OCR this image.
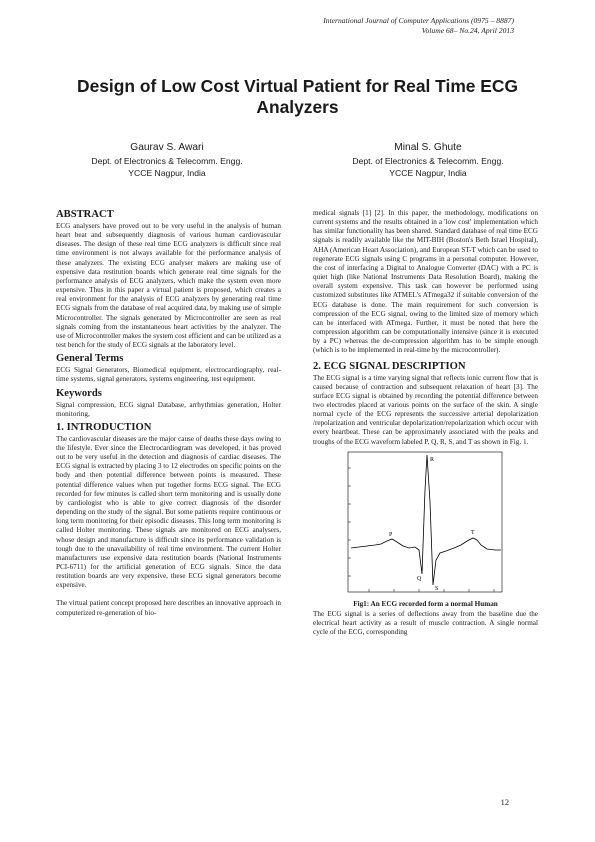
International Journal of Computer Applications (0975 – 8887)
Volume 68– No.24, April 2013
Design of Low Cost Virtual Patient for Real Time ECG Analyzers
Gaurav S. Awari
Dept. of Electronics & Telecomm. Engg.
YCCE Nagpur, India
Minal S. Ghute
Dept. of Electronics & Telecomm. Engg.
YCCE Nagpur, India
ABSTRACT

ECG analysers have proved out to be very useful in the analysis of human heart beat and subsequently diagnosis of various human cardiovascular diseases. The design of these real time ECG analyzers is difficult since real time environment is not always available for the performance analysis of these analyzers. The existing ECG analyser makers are making use of expensive data restitution boards which generate real time signals for the performance analysis of ECG analyzers, which make the system even more expensive. Thus in this paper a virtual patient is proposed, which creates a real environment for the analysis of ECG analyzers by generating real time ECG signals from the database of real acquired data, by making use of simple Microcontroller. The signals generated by Microcontroller are seen as real signals coming from the instantaneous heart activities by the analyzer. The use of Microcontroller makes the system cost efficient and can be utilized as a test bench for the study of ECG signals at the laboratory level.

General Terms

ECG Signal Generators, Biomedical equipment, electrocardiography, real-time systems, signal generators, systems engineering, test equipment.

Keywords

Signal compression, ECG signal Database, arrhythmias generation, Holter monitoring,

1. INTRODUCTION

The cardiovascular diseases are the major cause of deaths these days owing to the lifestyle. Ever since the Electrocardiogram was developed, it has proved out to be very useful in the detection and diagnosis of cardiac diseases. The ECG signal is extracted by placing 3 to 12 electrodes on specific points on the body and then potential difference between points is measured. These potential difference values when put together forms ECG signal. The ECG recorded for few minutes is called short term monitoring and is usually done by cardiologist who is able to give correct diagnosis of the disorder depending on the study of the signal. But some patients require continuous or long term monitoring for their episodic diseases. This long term monitoring is called Holter monitoring. These signals are monitored on ECG analysers, whose design and manufacture is difficult since its performance validation is tough due to the unavailability of real time environment. The current Holter manufacturers use expensive data restitution boards (National Instruments PCI-6711) for the artificial generation of ECG signals. Since the data restitution boards are very expensive, these ECG signal generators become expensive.

The virtual patient concept proposed here describes an innovative approach in computerized re-generation of bio-

medical signals [1] [2]. In this paper, the methodology, modifications on current systems and the results obtained in a 'low cost' implementation which has similar functionality has been shared. Standard database of real time ECG signals is readily available like the MIT-BIH (Boston's Beth Israel Hospital), AHA (American Heart Association), and European ST-T which can be used to regenerate ECG signals using C programs in a personal computer. However, the cost of interfacing a Digital to Analogue Converter (DAC) with a PC is quiet high (like National Instruments Data Resolution Board), making the overall system expensive. This task can however be performed using customized substitutes like ATMEL's ATmega32 if suitable conversion of the ECG database is done. The main requirement for such conversion is compression of the ECG signal, owing to the limited size of memory which can be interfaced with ATmega. Further, it must be noted that here the compression algorithm can be computationally intensive (since it is executed by a PC) whereas the de-compression algorithm has to be simple enough (which is to be implemented in real-time by the microcontroller).

2. ECG SIGNAL DESCRIPTION

The ECG signal is a time varying signal that reflects ionic current flow that is caused because of contraction and subsequent relaxation of heart [3]. The surface ECG signal is obtained by recording the potential difference between two electrodes placed at various points on the surface of the skin. A single normal cycle of the ECG represents the successive arterial depolarization /repolarization and ventricular depolarization/repolarization which occur with every heartbeat. These can be approximately associated with the peaks and troughs of the ECG waveform labeled P, Q, R, S, and T as shown in Fig. 1.

R
P	T
Q
S
Fig1: An ECG recorded form a normal Human

The ECG signal is a series of deflections away from the baseline due the electrical heart activity as a result of muscle contraction. A single normal cycle of the ECG, corresponding

12
